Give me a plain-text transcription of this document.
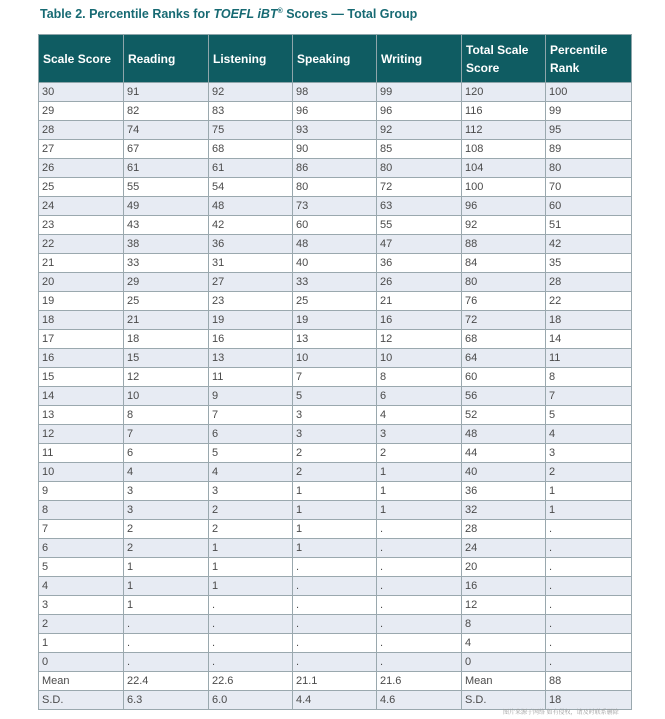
Table 2. Percentile Ranks for TOEFL iBT® Scores — Total Group
Scale Score	Reading	Listening	Speaking	Writing	Total Scale Score	Percentile Rank
30	91	92	98	99	120	100
29	82	83	96	96	116	99
28	74	75	93	92	112	95
27	67	68	90	85	108	89
26	61	61	86	80	104	80
25	55	54	80	72	100	70
24	49	48	73	63	96	60
23	43	42	60	55	92	51
22	38	36	48	47	88	42
21	33	31	40	36	84	35
20	29	27	33	26	80	28
19	25	23	25	21	76	22
18	21	19	19	16	72	18
17	18	16	13	12	68	14
16	15	13	10	10	64	11
15	12	11	7	8	60	8
14	10	9	5	6	56	7
13	8	7	3	4	52	5
12	7	6	3	3	48	4
11	6	5	2	2	44	3
10	4	4	2	1	40	2
9	3	3	1	1	36	1
8	3	2	1	1	32	1
7	2	2	1	.	28	.
6	2	1	1	.	24	.
5	1	1	.	.	20	.
4	1	1	.	.	16	.
3	1	.	.	.	12	.
2	.	.	.	.	8	.
1	.	.	.	.	4	.
0	.	.	.	.	0	.
Mean	22.4	22.6	21.1	21.6	Mean	88
S.D.	6.3	6.0	4.4	4.6	S.D.	18
图片来源于网络 如有侵权，请及时联系删除
